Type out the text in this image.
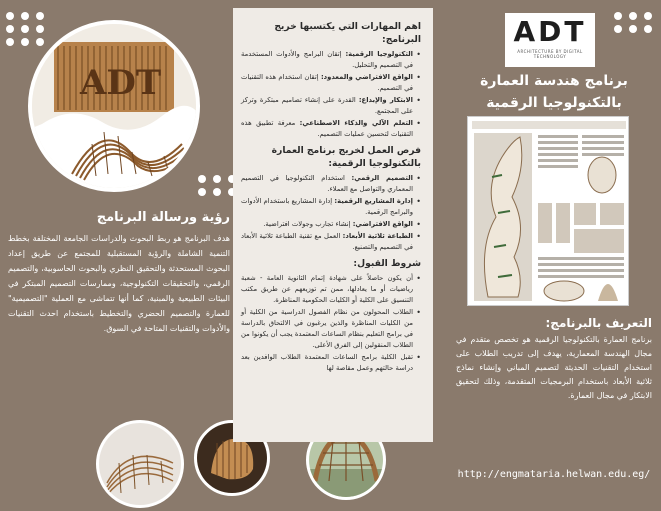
ADT
رؤية ورسالة البرنامج

هدف البرنامج هو ربط البحوث والدراسات الجامعة المختلفة بخطط التنمية الشاملة والرؤية المستقبلية للمجتمع عن طريق إعداد البحوث المستحدثة والتحقيق النظري والبحوث الحاسوبية، والتصميم الرقمي، والتحقيقات التكنولوجية، وممارسات التصميم المبتكر في البيئات الطبيعية والمبنية، كما أنها تتماشى مع العملية "التصميمية" للعمارة والتصميم الحضري والتخطيط باستخدام احدث التقنيات والأدوات والتقنيات المتاحة في السوق.

اهم المهارات التي يكتسبها خريج البرنامج:
• التكنولوجيا الرقمية: إتقان البرامج والأدوات المستخدمة في التصميم والتحليل.
• الواقع الافتراضي والمعدود: إتقان استخدام هذه التقنيات في التصميم.
• الابتكار والإبداع: القدرة على إنشاء تصاميم مبتكرة وتركز على المجتمع.
• التعلم الآلي والذكاء الاصطناعي: معرفة تطبيق هذه التقنيات لتحسين عمليات التصميم.
فرص العمل لخريج برنامج العمارة بالتكنولوجيا الرقمية:
• التصميم الرقمي: استخدام التكنولوجيا في التصميم المعماري والتواصل مع العملاء.
• إدارة المشاريع الرقمية: إدارة المشاريع باستخدام الأدوات والبرامج الرقمية.
• الواقع الافتراضي: إنشاء تجارب وجولات افتراضية.
• الطباعة ثلاثية الأبعاد: العمل مع تقنية الطباعة ثلاثية الأبعاد في التصميم والتصنيع.
شروط القبول:
• أن يكون حاصلاً على شهادة إتمام الثانوية العامة - شعبة رياضيات أو ما يعادلها، ممن تم توزيعهم عن طريق مكتب التنسيق على الكلية أو الكليات الحكومية المناظرة.
• الطلاب المحولون من نظام الفصول الدراسية من الكلية أو من الكليات المناظرة والذين يرغبون في الالتحاق بالدراسة في برامج التعليم بنظام الساعات المعتمدة يجب أن يكونوا من الطلاب المنقولين إلى الفرق الأعلى.
• تقبل الكلية برامج الساعات المعتمدة الطلاب الوافدين بعد دراسة حالتهم وعمل مقاصة لها
ADT
ARCHITECTURE BY DIGITAL TECHNOLOGY
برنامج هندسة العمارة
بالتكنولوجيا الرقمية
التعريف بالبرنامج:

برنامج العمارة بالتكنولوجيا الرقمية هو تخصص متقدم في مجال الهندسة المعمارية، يهدف إلى تدريب الطلاب على استخدام التقنيات الحديثة لتصميم المباني وإنشاء نماذج ثلاثية الأبعاد باستخدام البرمجيات المتقدمة، وذلك لتحقيق الابتكار في مجال العمارة.

http://engmataria.helwan.edu.eg/
